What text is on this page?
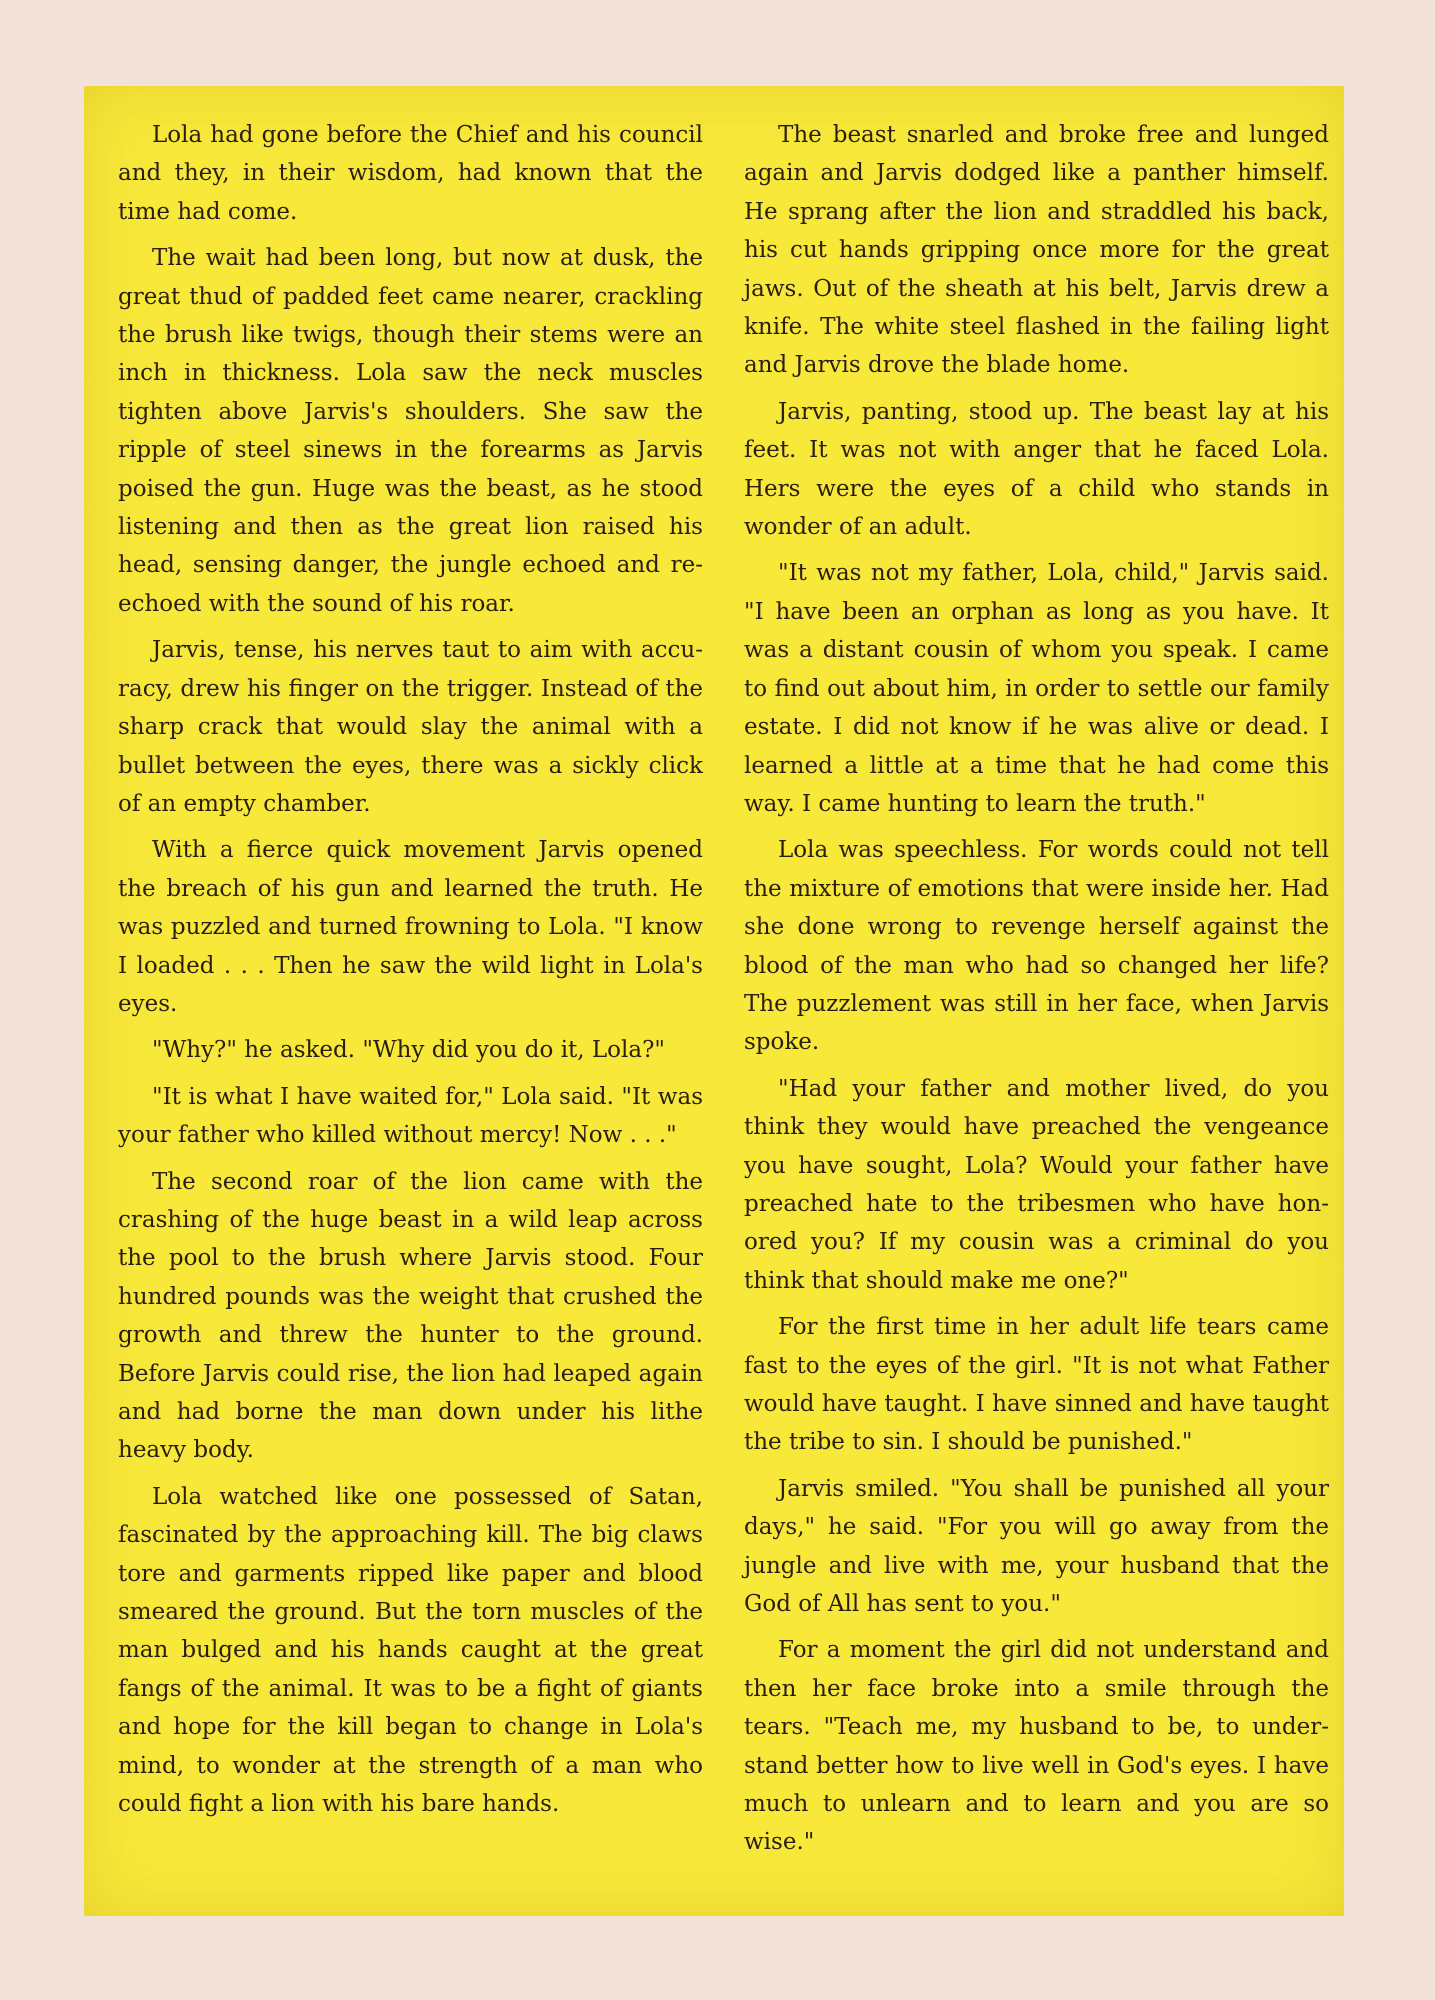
Lola had gone before the Chief and his council and they, in their wisdom, had known that the time had come.

The wait had been long, but now at dusk, the great thud of padded feet came nearer, crackling the brush like twigs, though their stems were an inch in thickness. Lola saw the neck muscles tighten above Jarvis's shoulders. She saw the ripple of steel sinews in the forearms as Jarvis poised the gun. Huge was the beast, as he stood listening and then as the great lion raised his head, sensing danger, the jungle echoed and re-echoed with the sound of his roar.

Jarvis, tense, his nerves taut to aim with accuracy, drew his finger on the trigger. Instead of the sharp crack that would slay the animal with a bullet between the eyes, there was a sickly click of an empty chamber.

With a fierce quick movement Jarvis opened the breach of his gun and learned the truth. He was puzzled and turned frowning to Lola. "I know I loaded . . . Then he saw the wild light in Lola's eyes.

"Why?" he asked. "Why did you do it, Lola?"

"It is what I have waited for," Lola said. "It was your father who killed without mercy! Now . . ."

The second roar of the lion came with the crashing of the huge beast in a wild leap across the pool to the brush where Jarvis stood. Four hundred pounds was the weight that crushed the growth and threw the hunter to the ground. Before Jarvis could rise, the lion had leaped again and had borne the man down under his lithe heavy body.

Lola watched like one possessed of Satan, fascinated by the approaching kill. The big claws tore and garments ripped like paper and blood smeared the ground. But the torn muscles of the man bulged and his hands caught at the great fangs of the animal. It was to be a fight of giants and hope for the kill began to change in Lola's mind, to wonder at the strength of a man who could fight a lion with his bare hands.

The beast snarled and broke free and lunged again and Jarvis dodged like a panther himself. He sprang after the lion and straddled his back, his cut hands gripping once more for the great jaws. Out of the sheath at his belt, Jarvis drew a knife. The white steel flashed in the failing light and Jarvis drove the blade home.

Jarvis, panting, stood up. The beast lay at his feet. It was not with anger that he faced Lola. Hers were the eyes of a child who stands in wonder of an adult.

"It was not my father, Lola, child," Jarvis said. "I have been an orphan as long as you have. It was a distant cousin of whom you speak. I came to find out about him, in order to settle our family estate. I did not know if he was alive or dead. I learned a little at a time that he had come this way. I came hunting to learn the truth."

Lola was speechless. For words could not tell the mixture of emotions that were inside her. Had she done wrong to revenge herself against the blood of the man who had so changed her life? The puzzlement was still in her face, when Jarvis spoke.

"Had your father and mother lived, do you think they would have preached the vengeance you have sought, Lola? Would your father have preached hate to the tribesmen who have honored you? If my cousin was a criminal do you think that should make me one?"

For the first time in her adult life tears came fast to the eyes of the girl. "It is not what Father would have taught. I have sinned and have taught the tribe to sin. I should be punished."

Jarvis smiled. "You shall be punished all your days," he said. "For you will go away from the jungle and live with me, your husband that the God of All has sent to you."

For a moment the girl did not understand and then her face broke into a smile through the tears. "Teach me, my husband to be, to understand better how to live well in God's eyes. I have much to unlearn and to learn and you are so wise."
